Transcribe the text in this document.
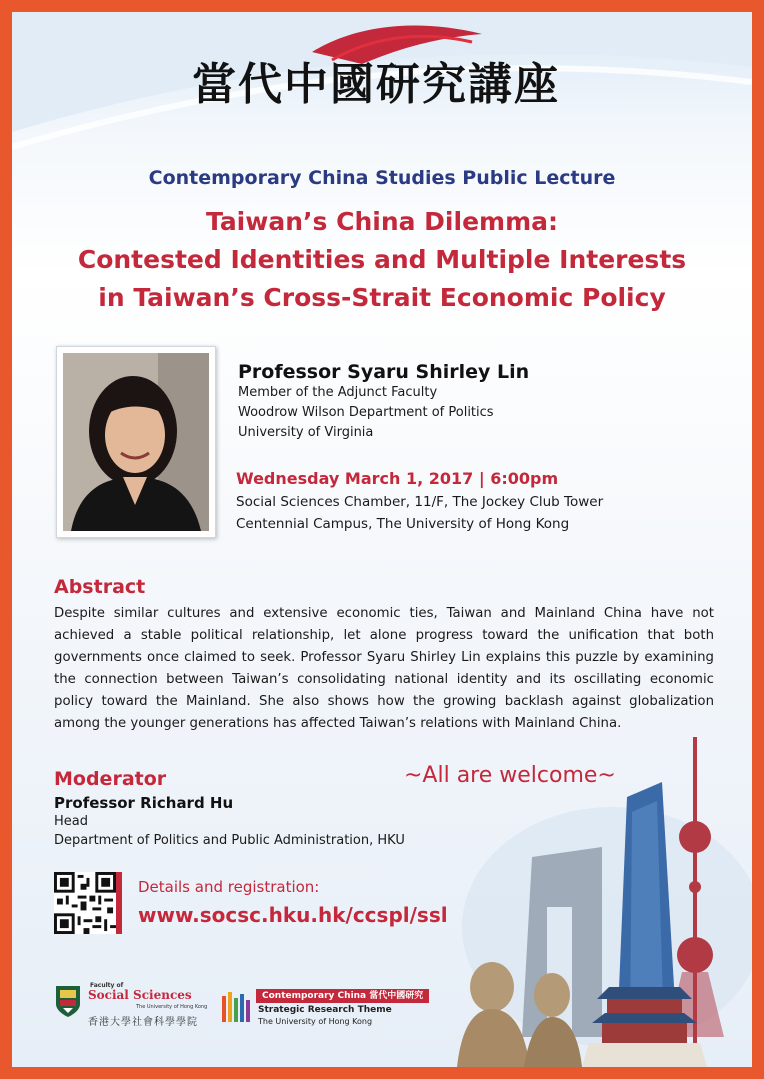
當代中國研究講座
Contemporary China Studies Public Lecture
Taiwan’s China Dilemma:
Contested Identities and Multiple Interests
in Taiwan’s Cross-Strait Economic Policy
Professor Syaru Shirley Lin
Member of the Adjunct Faculty
Woodrow Wilson Department of Politics
University of Virginia
Wednesday March 1, 2017 | 6:00pm
Social Sciences Chamber, 11/F, The Jockey Club Tower
Centennial Campus, The University of Hong Kong
Abstract
Despite similar cultures and extensive economic ties, Taiwan and Mainland China have not achieved a stable political relationship, let alone progress toward the unification that both governments once claimed to seek. Professor Syaru Shirley Lin explains this puzzle by examining the connection between Taiwan’s consolidating national identity and its oscillating economic policy toward the Mainland. She also shows how the growing backlash against globalization among the younger generations has affected Taiwan’s relations with Mainland China.
Moderator
Professor Richard Hu
Head
Department of Politics and Public Administration, HKU
~All are welcome~
Details and registration:
www.socsc.hku.hk/ccspl/ssl
Faculty of
Social Sciences
The University of Hong Kong
香港大學社會科學學院
Contemporary China 當代中國研究
Strategic Research Theme
The University of Hong Kong
